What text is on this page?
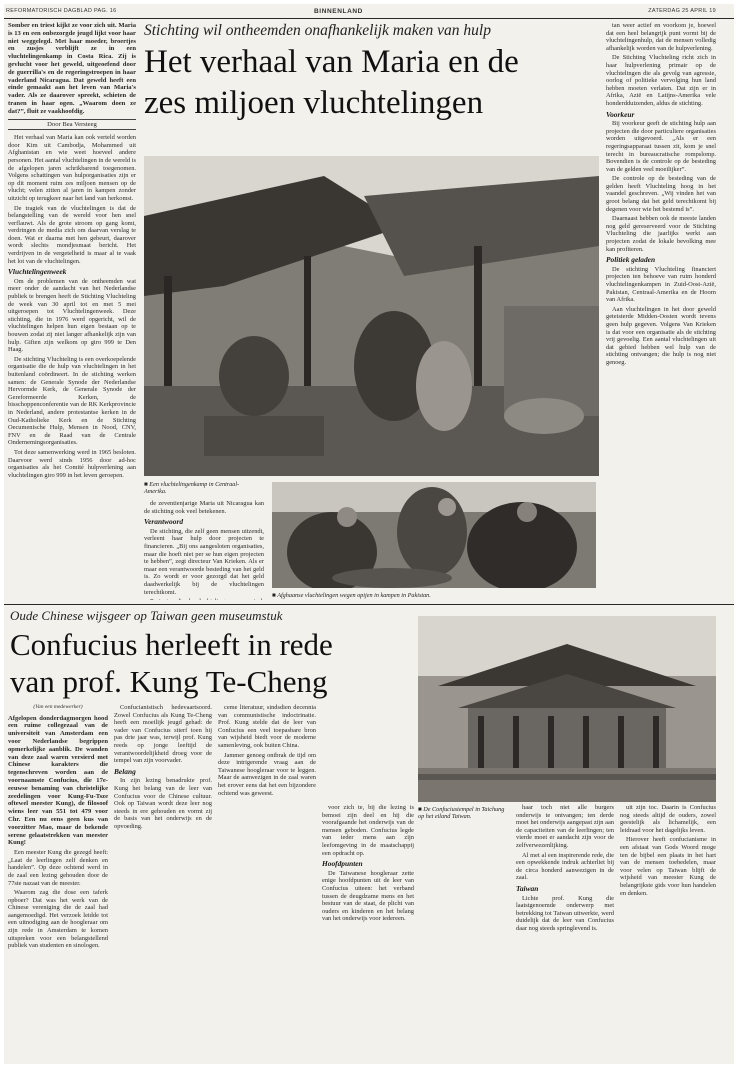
REFORMATORISCH DAGBLAD PAG. 16	BINNENLAND	ZATERDAG 25 APRIL 19
Stichting wil ontheemden onafhankelijk maken van hulp
Het verhaal van Maria en de
zes miljoen vluchtelingen

Somber en triest kijkt ze voor zich uit. Maria is 13 en een onbezorgde jeugd lijkt voor haar niet weggelegd. Met haar moeder, broertjes en zusjes verblijft ze in een vluchtelingenkamp in Costa Rica. Zij is gevlucht voor het geweld, uitgeoefend door de guerrilla's en de regeringstroepen in haar vaderland Nicaragua. Dat geweld heeft een einde gemaakt aan het leven van Maria's vader. Als ze daarover spreekt, schieten de tranen in haar ogen. „Waarom doen ze dat?”, fluit ze vaakhoofdig.

Door Bea Versteeg

Het verhaal van Maria kan ook verteld worden door Kim uit Cambodja, Mohammed uit Afghanistan en wie weet hoeveel andere personen. Het aantal vluchtelingen in de wereld is de afgelopen jaren schrikbarend toegenomen. Volgens schattingen van hulporganisaties zijn er op dit moment ruim zes miljoen mensen op de vlucht; velen zitten al jaren in kampen zonder uitzicht op terugkeer naar het land van herkomst.

De tragiek van de vluchtelingen is dat de belangstelling van de wereld voor hen snel verflauwt. Als de grote stroom op gang komt, verdringen de media zich om daarvan verslag te doen. Wat er daarna met hen gebeurt, daarover wordt slechts mondjesmaat bericht. Het verdrijven in de vergetelheid is maar al te vaak het lot van de vluchtelingen.

Vluchtelingenweek

Om de problemen van de ontheemden wat meer onder de aandacht van het Nederlandse publiek te brengen heeft de Stichting Vluchteling de week van 30 april tot en met 5 mei uitgeroepen tot Vluchtelingenweek. Deze stichting, die in 1976 werd opgericht, wil de vluchtelingen helpen hun eigen bestaan op te bouwen zodat zij niet langer afhankelijk zijn van hulp. Giften zijn welkom op giro 999 te Den Haag.

De stichting Vluchteling is een overkoepelende organisatie die de hulp van vluchtelingen in het buitenland coördineert. In de stichting werken samen: de Generale Synode der Nederlandse Hervormde Kerk, de Generale Synode der Gereformeerde Kerken, de bisschoppenconferentie van de RK Kerkprovincie in Nederland, andere protestantse kerken in de Oud-Katholieke Kerk en de Stichting Oecumenische Hulp, Mensen in Nood, CNV, FNV en de Raad van de Centrale Ondernemingsorganisaties.

Tot deze samenwerking werd in 1965 besloten. Daarvoor werd sinds 1956 door ad-hoc organisaties als het Comité hulpverlening aan vluchtelingen giro 999 in het leven geroepen.

■ Een vluchtelingenkamp in Centraal-Amerika.

de zeventienjarige Maria uit Nicaragua kan de stichting ook veel betekenen.

Verantwoord

De stichting, die zelf geen mensen uitzendt, verleent haar hulp door projecten te financieren. „Bij ons aangesloten organisaties, maar die hoeft niet per se hun eigen projecten te hebben”, zegt directeur Van Krieken. Als er maar een verantwoorde besteding van het geld is. Zo wordt er voor gezorgd dat het geld daadwerkelijk bij de vluchtelingen terechtkomt.	■ Afghaanse vluchtelingen wegen opijen in kampen in Pakistan.

tan weer actief en voorkom je, hoewel dat een heel belangrijk punt vormt bij de vluchtelingenhulp, dat de mensen volledig afhankelijk worden van de hulpverlening.

De Stichting Vluchteling richt zich in haar hulpverlening primair op de vluchtelingen die als gevolg van agressie, oorlog of politieke vervolging hun land hebben moeten verlaten. Dat zijn er in Afrika, Azië en Latijns-Amerika vele honderdduizenden, aldus de stichting.

Voorkeur

Bij voorkeur geeft de stichting hulp aan projecten die door particuliere organisaties worden uitgevoerd. „Als er een regeringsapparaat tussen zit, kom je snel terecht in bureaucratische rompslomp. Bovendien is de controle op de besteding van de gelden veel moeilijker”.

De controle op de besteding van de gelden heeft Vluchteling hoog in het vaandel geschreven. „Wij vinden het van groot belang dat het geld terechtkomt bij degenen voor wie het bestemd is”.

Daarnaast hebben ook de meeste landen nog geld gereserveerd voor de Stichting Vluchteling die jaarlijks werkt aan projecten zodat de lokale bevolking mee kan profiteren.

Politiek geladen

De stichting Vluchteling financiert projecten ten behoeve van ruim honderd vluchtelingenkampen in Zuid-Oost-Azië, Pakistan, Centraal-Amerika en de Hoorn van Afrika.

Aan vluchtelingen in het door geweld geteisterde Midden-Oosten wordt tevens geen hulp gegeven. Volgens Van Krieken is dat voor een organisatie als de stichting vrij gevoelig. Een aantal vluchtelingen uit dat gebied hebben wel hulp van de stichting ontvangen; die hulp is nog niet genoeg.

Oude Chinese wijsgeer op Taiwan geen museumstuk
Confucius herleeft in rede
van prof. Kung Te-Cheng
■ De Confuciustempel in Taichung op het eiland Taiwan.
(Van een medewerker)

Afgelopen donderdagmorgen hood een ruime collegezaal van de universiteit van Amsterdam een voor Nederlandse begrippen opmerkelijke aanblik. De wanden van deze zaal waren versierd met Chinese karakters die tegenschreven worden aan de voornaamste Confucius, die 17e-eeuwse benaming van christelijke zeedelingen voor Kung-Fu-Tsze oftewel meester Kung), de filosoof wiens leer van 551 tot 479 voor Chr. Een nu eens geen kus van voorzitter Mao, maar de bekende serene gelaatstrekken van meester Kung!

Een meester Kung die gezegd heeft: „Laat de leerlingen zelf denken en handelen”. Op deze ochtend werd in de zaal een lezing gehouden door de 77ste nazaat van de meester.

Waarom zag die dose een taferk opboer? Dat was het werk van de Chinese vereniging die de zaal had aangemoedigd. Het verzoek leidde tot een uitnodiging aan de hoogleraar om zijn rede in Amsterdam te komen uitspreken voor een belangstellend publiek van studenten en sinologen.

Confucianistisch hedevaartsoord. Zowel Confucius als Kung Te-Cheng heeft een moeilijk jeugd gehad: de vader van Confucius stierf toen hij pas drie jaar was, terwijl prof. Kung reeds op jonge leeftijd de verantwoordelijkheid droeg voor de tempel van zijn voorvader.

Belang

In zijn lezing benadrukte prof. Kung het belang van de leer van Confucius voor de Chinese cultuur. Ook op Taiwan wordt deze leer nog steeds in ere gehouden en vormt zij de basis van het onderwijs en de opvoeding.

ceme literatuur, sindsdien decennia van communistische indoctrinatie. Prof. Kung stelde dat de leer van Confucius een veel toepasbare bron van wijsheid biedt voor de moderne samenleving, ook buiten China.

Jammer genoeg ontbrak de tijd om deze intrigerende vraag aan de Taiwanese hoogleraar voor te leggen. Maar de aanwezigen in de zaal waren het erover eens dat het een bijzondere ochtend was geweest.

voor zich te, bij die lezing is bemoei zijn deel en hij die voorafgaande het onderwijs van de mensen geboden. Confucius legde van ieder mens aan zijn leefomgeving in de maatschappij een opdracht op.

Hoofdpunten

De Taiwanese hoogleraar zette enige hoofdpunten uit de leer van Confucius uiteen: het verband tussen de deugdzame mens en het bestuur van de staat, de plicht van ouders en kinderen en het belang van het onderwijs voor iedereen.

haar toch niet alle burgers onderwijs te ontvangen; ten derde moet het onderwijs aangepast zijn aan de capaciteiten van de leerlingen; ten vierde moet er aandacht zijn voor de zelfverwezenlijking.

Al met al een inspirerende rede, die een opwekkende indruk achterliet bij de circa honderd aanwezigen in de zaal.

Taiwan

Lichte prof. Kung die laatstgenoemde onderwerp met betrekking tot Taiwan uitwerkte, werd duidelijk dat de leer van Confucius daar nog steeds springlevend is.

uit zijn toc. Daarin is Confucius nog steeds altijd de ouders, zowel geestelijk als lichamelijk, een leidraad voor het dagelijks leven.

Hierover heeft confucianisme in een afstaat van Gods Woord moge ten de bijbel een plaats in het hart van de mensen toebedelen, maar voor velen op Taiwan blijft de wijsheid van meester Kung de belangrijkste gids voor hun handelen en denken.
